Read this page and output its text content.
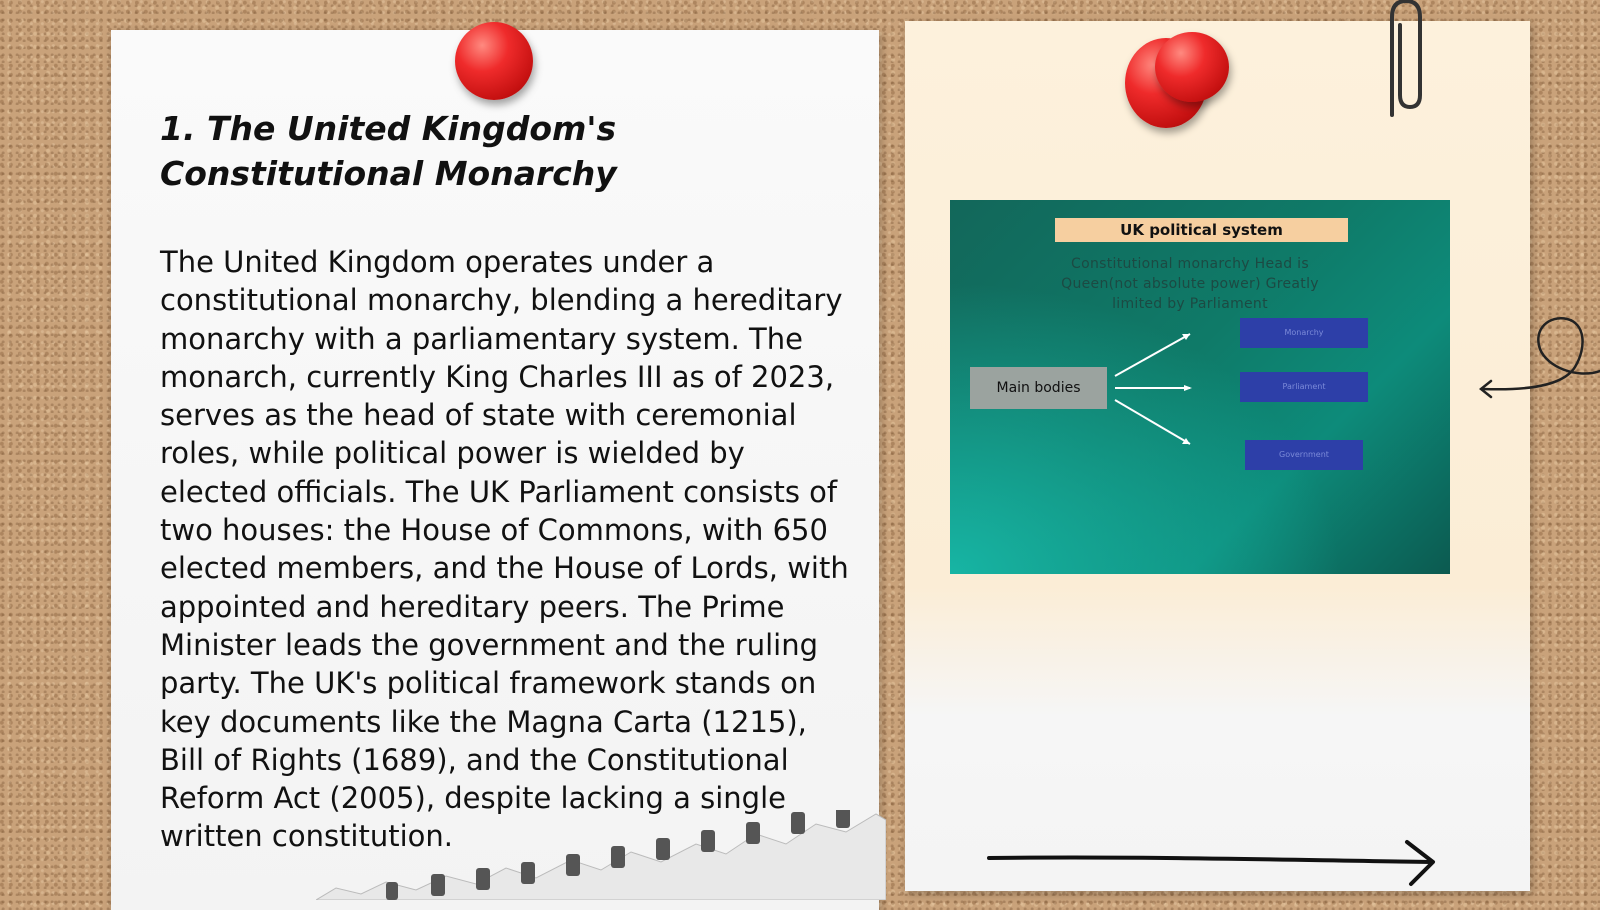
1. The United Kingdom's Constitutional Monarchy

The United Kingdom operates under a constitutional monarchy, blending a hereditary monarchy with a parliamentary system. The monarch, currently King Charles III as of 2023, serves as the head of state with ceremonial roles, while political power is wielded by elected officials. The UK Parliament consists of two houses: the House of Commons, with 650 elected members, and the House of Lords, with appointed and hereditary peers. The Prime Minister leads the government and the ruling party. The UK's political framework stands on key documents like the Magna Carta (1215), Bill of Rights (1689), and the Constitutional Reform Act (2005), despite lacking a single written constitution.

UK political system
Constitutional monarchy Head is Queen(not absolute power) Greatly limited by Parliament
Main bodies
Monarchy
Parliament
Government
